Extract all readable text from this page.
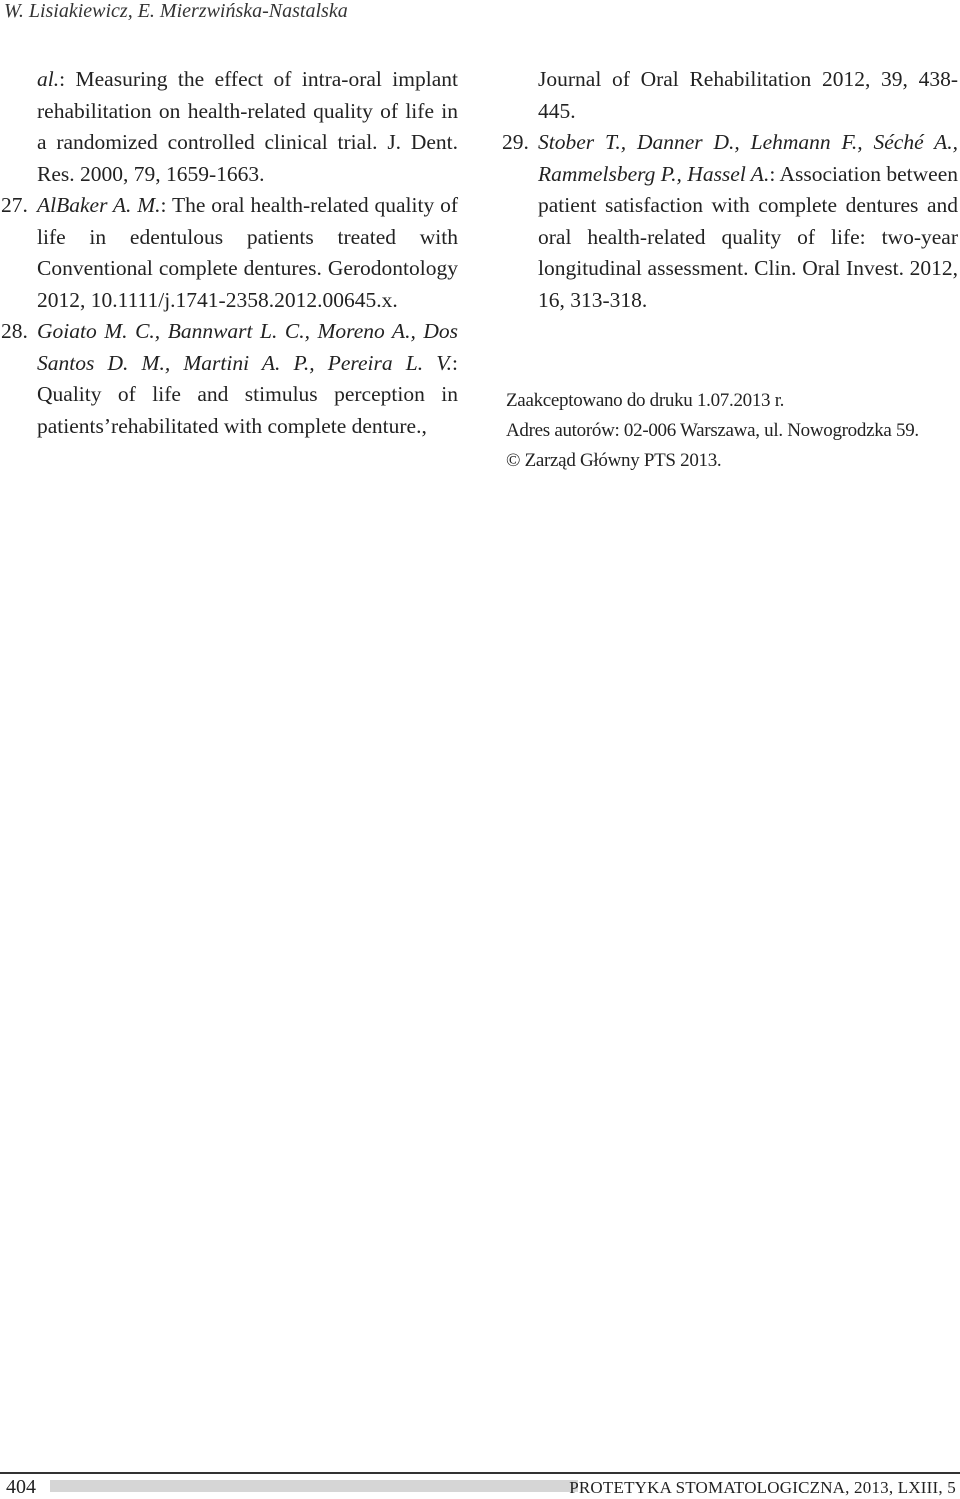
W. Lisiakiewicz, E. Mierzwińska-Nastalska

al.: Measuring the effect of intra-oral implant rehabilitation on health-related quality of life in a randomized controlled clinical trial. J. Dent. Res. 2000, 79, 1659-1663.

27. AlBaker A. M.: The oral health-related quality of life in edentulous patients treated with Conventional complete dentures. Gerodontology 2012, 10.1111/j.1741-2358.2012.00645.x.

28. Goiato M. C., Bannwart L. C., Moreno A., Dos Santos D. M., Martini A. P., Pereira L. V.: Quality of life and stimulus perception in patients’rehabilitated with complete denture.,

Journal of Oral Rehabilitation 2012, 39, 438-445.

29. Stober T., Danner D., Lehmann F., Séché A., Rammelsberg P., Hassel A.: Association between patient satisfaction with complete dentures and oral health-related quality of life: two-year longitudinal assessment. Clin. Oral Invest. 2012, 16, 313-318.

Zaakceptowano do druku 1.07.2013 r.
Adres autorów: 02-006 Warszawa, ul. Nowogrodzka 59.
© Zarząd Główny PTS 2013.
404	PROTETYKA STOMATOLOGICZNA, 2013, LXIII, 5
